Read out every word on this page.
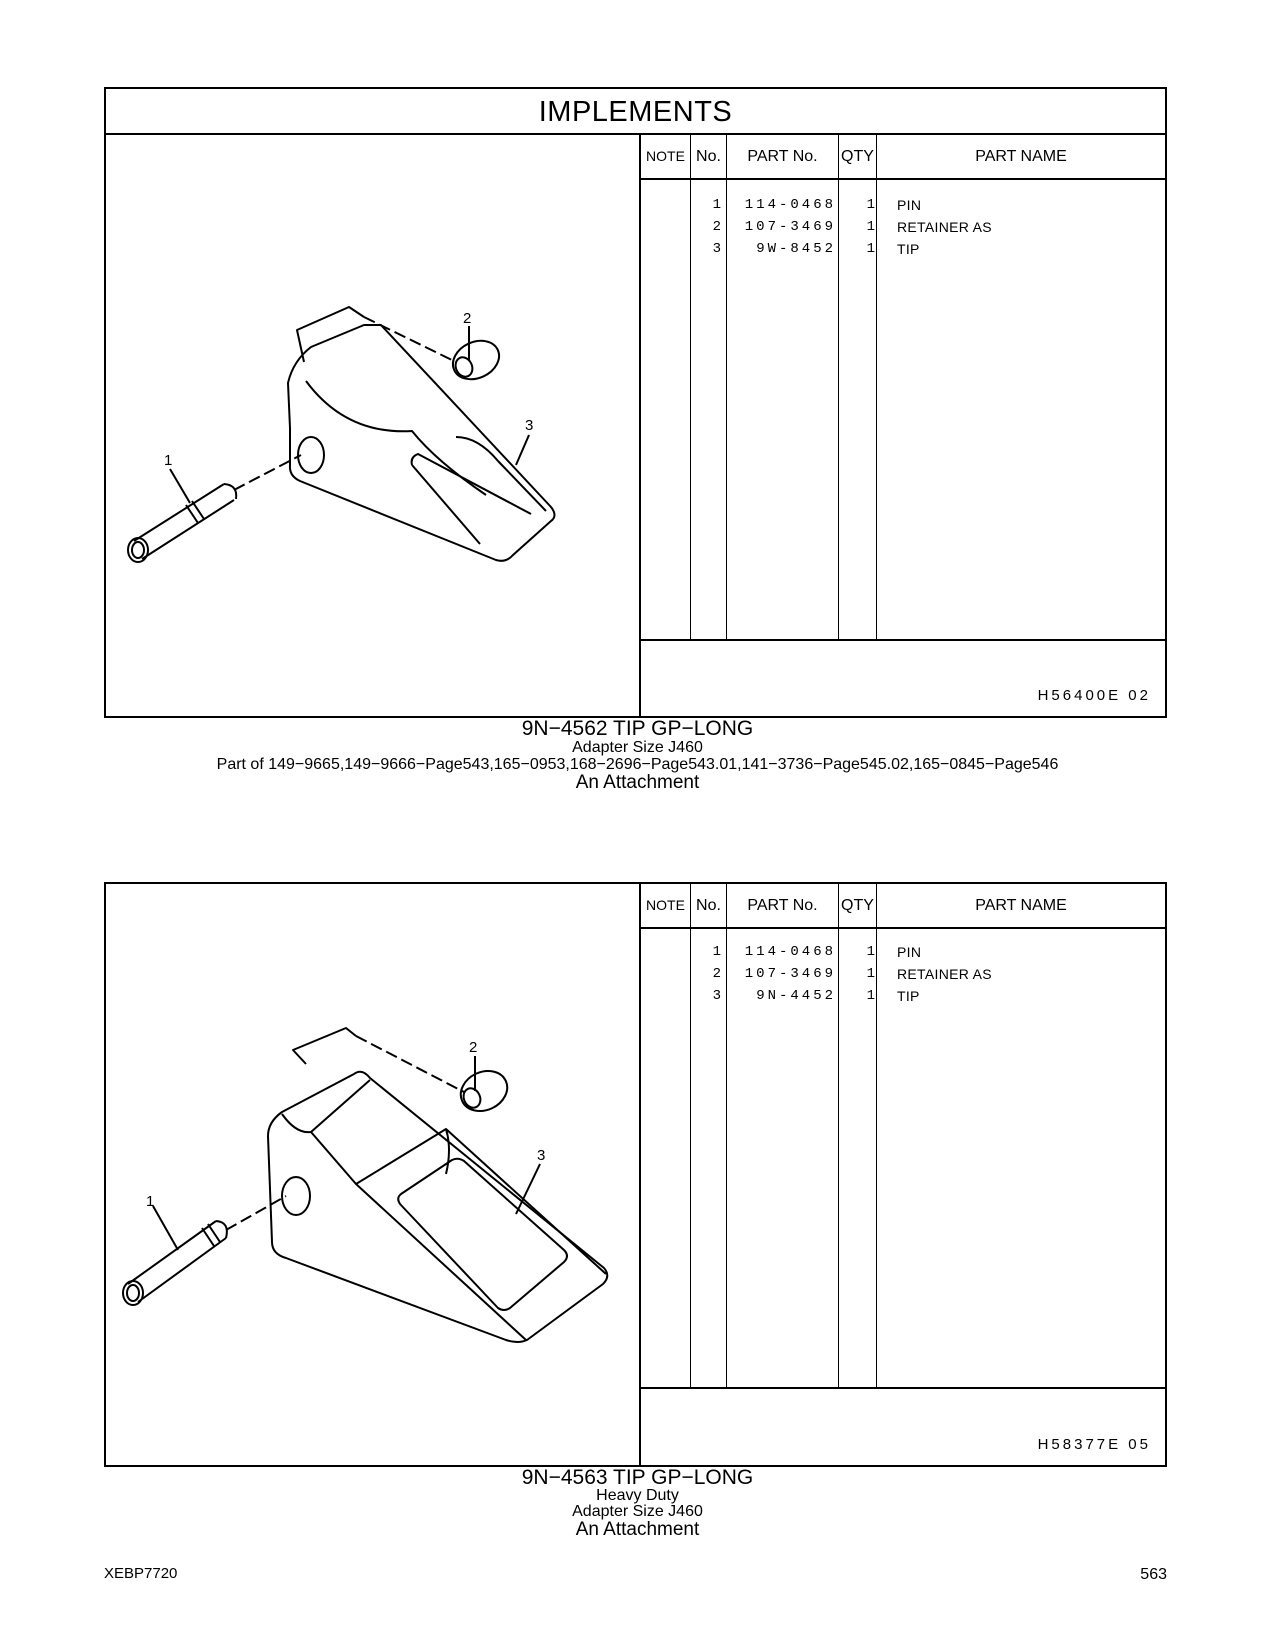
IMPLEMENTS
1
2
3
NOTE No.	PART No.	QTY	PART NAME
1	114-0468	1 PIN
2	107-3469	1 RETAINER AS
3	9W-8452	1 TIP
H56400E 02
9N−4562 TIP GP−LONG
Adapter Size J460
Part of 149−9665,149−9666−Page543,165−0953,168−2696−Page543.01,141−3736−Page545.02,165−0845−Page546
An Attachment
1
2
3
NOTE No.	PART No.	QTY	PART NAME
1	114-0468	1 PIN
2	107-3469	1 RETAINER AS
3	9N-4452	1 TIP
H58377E 05
9N−4563 TIP GP−LONG
Heavy Duty
Adapter Size J460
An Attachment
XEBP7720	563
